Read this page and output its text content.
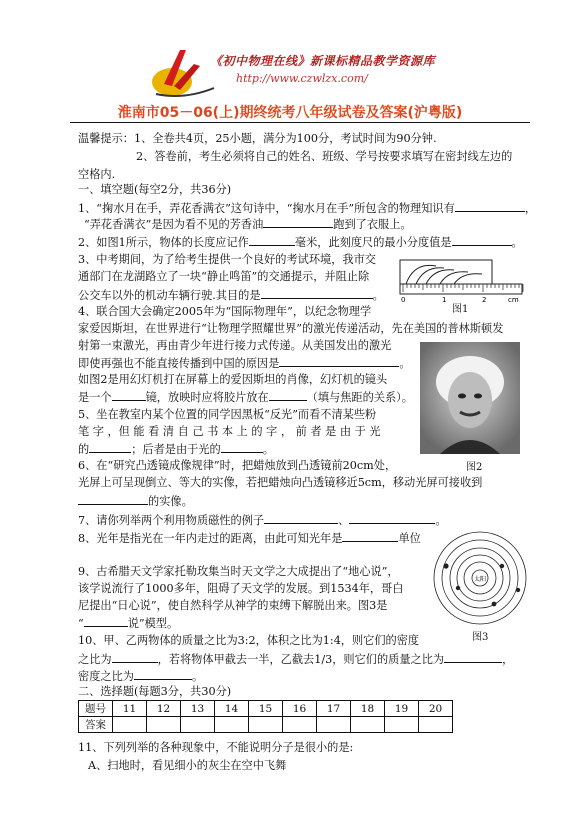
《初中物理在线》新课标精品教学资源库
http://www.czwlzx.com/
淮南市05－06(上)期终统考八年级试卷及答案(沪粤版)
温馨提示：1、全卷共4页，25小题，满分为100分，考试时间为90分钟.
2、答卷前，考生必须将自己的姓名、班级、学号按要求填写在密封线左边的
空格内.
一、填空题(每空2分，共36分)
1、“掬水月在手，弄花香满衣”这句诗中，“掬水月在手”所包含的物理知识有	，
“弄花香满衣”是因为看不见的芳香油	跑到了衣服上。
2、如图1所示，物体的长度应记作	毫米，此刻度尺的最小分度值是	。
3、中考期间，为了给考生提供一个良好的考试环境，我市交
通部门在龙湖路立了一块“静止鸣笛”的交通提示，并阻止除
公交车以外的机动车辆行驶.其目的是	。 0	1	2	cm
图1
4、联合国大会确定2005年为“国际物理年”，以纪念物理学
家爱因斯坦，在世界进行“让物理学照耀世界”的激光传递活动，先在美国的普林斯顿发
射第一束激光，再由青少年进行接力式传递。从美国发出的激光
即使再强也不能直接传播到中国的原因是	。
如图2是用幻灯机打在屏幕上的爱因斯坦的肖像，幻灯机的镜头
是一个	镜，放映时应将胶片放在	（填与焦距的关系）。
图2
5、坐在教室内某个位置的同学因黑板“反光”而看不清某些粉
笔 字 ，但 能 看 清 自 己 书 本 上 的 字 ， 前 者 是 由 于 光
的	；后者是由于光的	。
6、在“研究凸透镜成像规律”时，把蜡烛放到凸透镜前20cm处，
光屏上可呈现倒立、等大的实像，若把蜡烛向凸透镜移近5cm，移动光屏可接收到
的实像。
7、请你列举两个利用物质磁性的例子	、	。
8、光年是指光在一年内走过的距离，由此可知光年是	单位
9、古希腊天文学家托勒玫集当时天文学之大成提出了“地心说”，
该学说流行了1000多年，阻碍了天文学的发展。到1534年，哥白
尼提出“日心说”，使自然科学从神学的束缚下解脱出来。图3是
“	说”模型。
太阳
图3
10、甲、乙两物体的质量之比为3:2，体积之比为1:4，则它们的密度
之比为	，若将物体甲截去一半，乙截去1/3，则它们的质量之比为	，
密度之比为	。
二、选择题(每题3分，共30分)
题号	11	12	13	14	15	16	17	18	19	20
答案										
11、下列列举的各种现象中，不能说明分子是很小的是:
A、扫地时，看见细小的灰尘在空中飞舞
